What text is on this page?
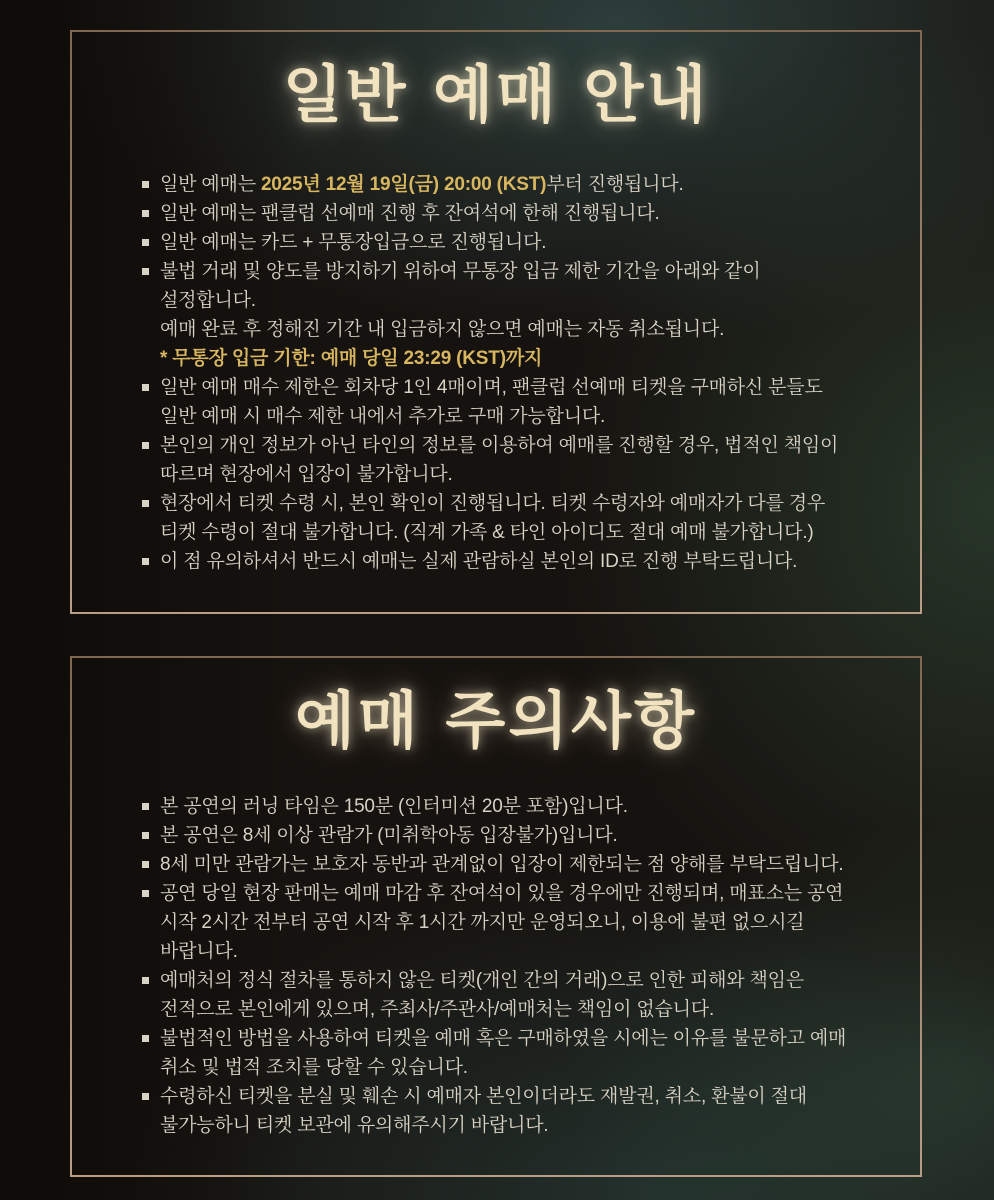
일반 예매 안내
일반 예매는 2025년 12월 19일(금) 20:00 (KST)부터 진행됩니다.
일반 예매는 팬클럽 선예매 진행 후 잔여석에 한해 진행됩니다.
일반 예매는 카드 + 무통장입금으로 진행됩니다.
불법 거래 및 양도를 방지하기 위하여 무통장 입금 제한 기간을 아래와 같이
설정합니다.
예매 완료 후 정해진 기간 내 입금하지 않으면 예매는 자동 취소됩니다.
* 무통장 입금 기한: 예매 당일 23:29 (KST)까지
일반 예매 매수 제한은 회차당 1인 4매이며, 팬클럽 선예매 티켓을 구매하신 분들도
일반 예매 시 매수 제한 내에서 추가로 구매 가능합니다.
본인의 개인 정보가 아닌 타인의 정보를 이용하여 예매를 진행할 경우, 법적인 책임이
따르며 현장에서 입장이 불가합니다.
현장에서 티켓 수령 시, 본인 확인이 진행됩니다. 티켓 수령자와 예매자가 다를 경우
티켓 수령이 절대 불가합니다. (직계 가족 & 타인 아이디도 절대 예매 불가합니다.)
이 점 유의하셔서 반드시 예매는 실제 관람하실 본인의 ID로 진행 부탁드립니다.
예매 주의사항
본 공연의 러닝 타임은 150분 (인터미션 20분 포함)입니다.
본 공연은 8세 이상 관람가 (미취학아동 입장불가)입니다.
8세 미만 관람가는 보호자 동반과 관계없이 입장이 제한되는 점 양해를 부탁드립니다.
공연 당일 현장 판매는 예매 마감 후 잔여석이 있을 경우에만 진행되며, 매표소는 공연
시작 2시간 전부터 공연 시작 후 1시간 까지만 운영되오니, 이용에 불편 없으시길
바랍니다.
예매처의 정식 절차를 통하지 않은 티켓(개인 간의 거래)으로 인한 피해와 책임은
전적으로 본인에게 있으며, 주최사/주관사/예매처는 책임이 없습니다.
불법적인 방법을 사용하여 티켓을 예매 혹은 구매하였을 시에는 이유를 불문하고 예매
취소 및 법적 조치를 당할 수 있습니다.
수령하신 티켓을 분실 및 훼손 시 예매자 본인이더라도 재발권, 취소, 환불이 절대
불가능하니 티켓 보관에 유의해주시기 바랍니다.
